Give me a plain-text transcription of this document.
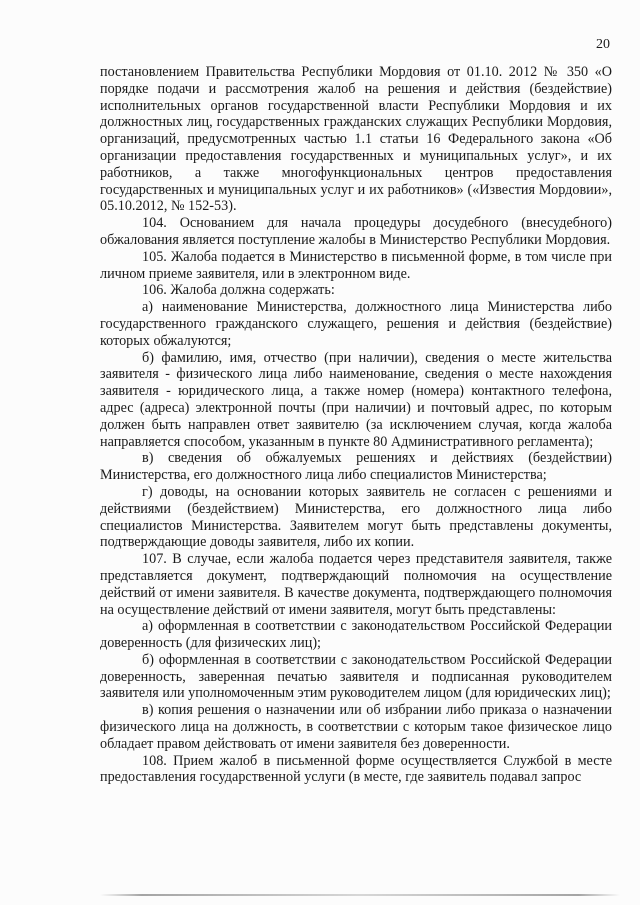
20

постановлением Правительства Республики Мордовия от 01.10. 2012 № 350 «О порядке подачи и рассмотрения жалоб на решения и действия (бездействие) исполнительных органов государственной власти Республики Мордовия и их должностных лиц, государственных гражданских служащих Республики Мордовия, организаций, предусмотренных частью 1.1 статьи 16 Федерального закона «Об организации предоставления государственных и муниципальных услуг», и их работников, а также многофункциональных центров предоставления государственных и муниципальных услуг и их работников» («Известия Мордовии», 05.10.2012, № 152-53).

104. Основанием для начала процедуры досудебного (внесудебного) обжалования является поступление жалобы в Министерство Республики Мордовия.

105. Жалоба подается в Министерство в письменной форме, в том числе при личном приеме заявителя, или в электронном виде.

106. Жалоба должна содержать:

а) наименование Министерства, должностного лица Министерства либо государственного гражданского служащего, решения и действия (бездействие) которых обжалуются;

б) фамилию, имя, отчество (при наличии), сведения о месте жительства заявителя - физического лица либо наименование, сведения о месте нахождения заявителя - юридического лица, а также номер (номера) контактного телефона, адрес (адреса) электронной почты (при наличии) и почтовый адрес, по которым должен быть направлен ответ заявителю (за исключением случая, когда жалоба направляется способом, указанным в пункте 80 Административного регламента);

в) сведения об обжалуемых решениях и действиях (бездействии) Министерства, его должностного лица либо специалистов Министерства;

г) доводы, на основании которых заявитель не согласен с решениями и действиями (бездействием) Министерства, его должностного лица либо специалистов Министерства. Заявителем могут быть представлены документы, подтверждающие доводы заявителя, либо их копии.

107. В случае, если жалоба подается через представителя заявителя, также представляется документ, подтверждающий полномочия на осуществление действий от имени заявителя. В качестве документа, подтверждающего полномочия на осуществление действий от имени заявителя, могут быть представлены:

а) оформленная в соответствии с законодательством Российской Федерации доверенность (для физических лиц);

б) оформленная в соответствии с законодательством Российской Федерации доверенность, заверенная печатью заявителя и подписанная руководителем заявителя или уполномоченным этим руководителем лицом (для юридических лиц);

в) копия решения о назначении или об избрании либо приказа о назначении физического лица на должность, в соответствии с которым такое физическое лицо обладает правом действовать от имени заявителя без доверенности.

108. Прием жалоб в письменной форме осуществляется Службой в месте предоставления государственной услуги (в месте, где заявитель подавал запрос
